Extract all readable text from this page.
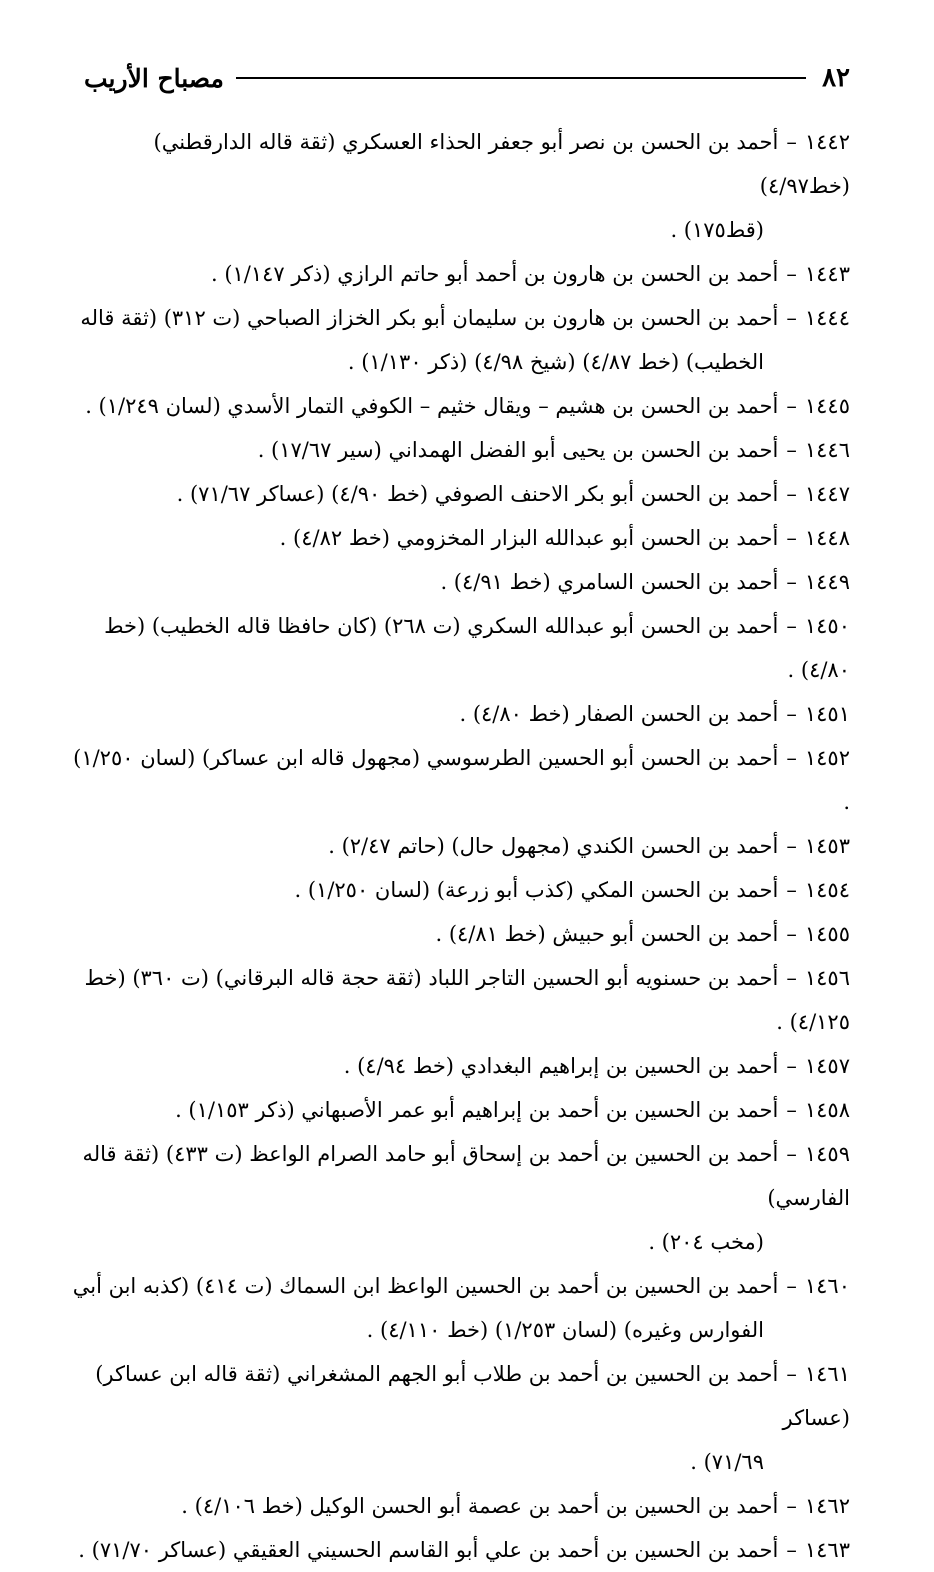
٨٢
مصباح الأريب
١٤٤٢–أحمد بن الحسن بن نصر أبو جعفر الحذاء العسكري (ثقة قاله الدارقطني) (خط٤/٩٧)
(قط١٧٥) .
١٤٤٣–أحمد بن الحسن بن هارون بن أحمد أبو حاتم الرازي (ذكر ١/١٤٧) .
١٤٤٤–أحمد بن الحسن بن هارون بن سليمان أبو بكر الخزاز الصباحي (ت ٣١٢) (ثقة قاله
الخطيب) (خط ٤/٨٧) (شيخ ٤/٩٨) (ذكر ١/١٣٠) .
١٤٤٥–أحمد بن الحسن بن هشيم – ويقال خثيم – الكوفي التمار الأسدي (لسان ١/٢٤٩) .
١٤٤٦–أحمد بن الحسن بن يحيى أبو الفضل الهمداني (سير ١٧/٦٧) .
١٤٤٧–أحمد بن الحسن أبو بكر الاحنف الصوفي (خط ٤/٩٠) (عساكر ٧١/٦٧) .
١٤٤٨–أحمد بن الحسن أبو عبدالله البزار المخزومي (خط ٤/٨٢) .
١٤٤٩–أحمد بن الحسن السامري (خط ٤/٩١) .
١٤٥٠–أحمد بن الحسن أبو عبدالله السكري (ت ٢٦٨) (كان حافظا قاله الخطيب) (خط ٤/٨٠) .
١٤٥١–أحمد بن الحسن الصفار (خط ٤/٨٠) .
١٤٥٢–أحمد بن الحسن أبو الحسين الطرسوسي (مجهول قاله ابن عساكر) (لسان ١/٢٥٠) .
١٤٥٣–أحمد بن الحسن الكندي (مجهول حال) (حاتم ٢/٤٧) .
١٤٥٤–أحمد بن الحسن المكي (كذب أبو زرعة) (لسان ١/٢٥٠) .
١٤٥٥–أحمد بن الحسن أبو حبيش (خط ٤/٨١) .
١٤٥٦–أحمد بن حسنويه أبو الحسين التاجر اللباد (ثقة حجة قاله البرقاني) (ت ٣٦٠) (خط ٤/١٢٥) .
١٤٥٧–أحمد بن الحسين بن إبراهيم البغدادي (خط ٤/٩٤) .
١٤٥٨–أحمد بن الحسين بن أحمد بن إبراهيم أبو عمر الأصبهاني (ذكر ١/١٥٣) .
١٤٥٩–أحمد بن الحسين بن أحمد بن إسحاق أبو حامد الصرام الواعظ (ت ٤٣٣) (ثقة قاله الفارسي)
(مخب ٢٠٤) .
١٤٦٠–أحمد بن الحسين بن أحمد بن الحسين الواعظ ابن السماك (ت ٤١٤) (كذبه ابن أبي
الفوارس وغيره) (لسان ١/٢٥٣) (خط ٤/١١٠) .
١٤٦١–أحمد بن الحسين بن أحمد بن طلاب أبو الجهم المشغراني (ثقة قاله ابن عساكر) (عساكر
٧١/٦٩) .
١٤٦٢–أحمد بن الحسين بن أحمد بن عصمة أبو الحسن الوكيل (خط ٤/١٠٦) .
١٤٦٣–أحمد بن الحسين بن أحمد بن علي أبو القاسم الحسيني العقيقي (عساكر ٧١/٧٠) .
